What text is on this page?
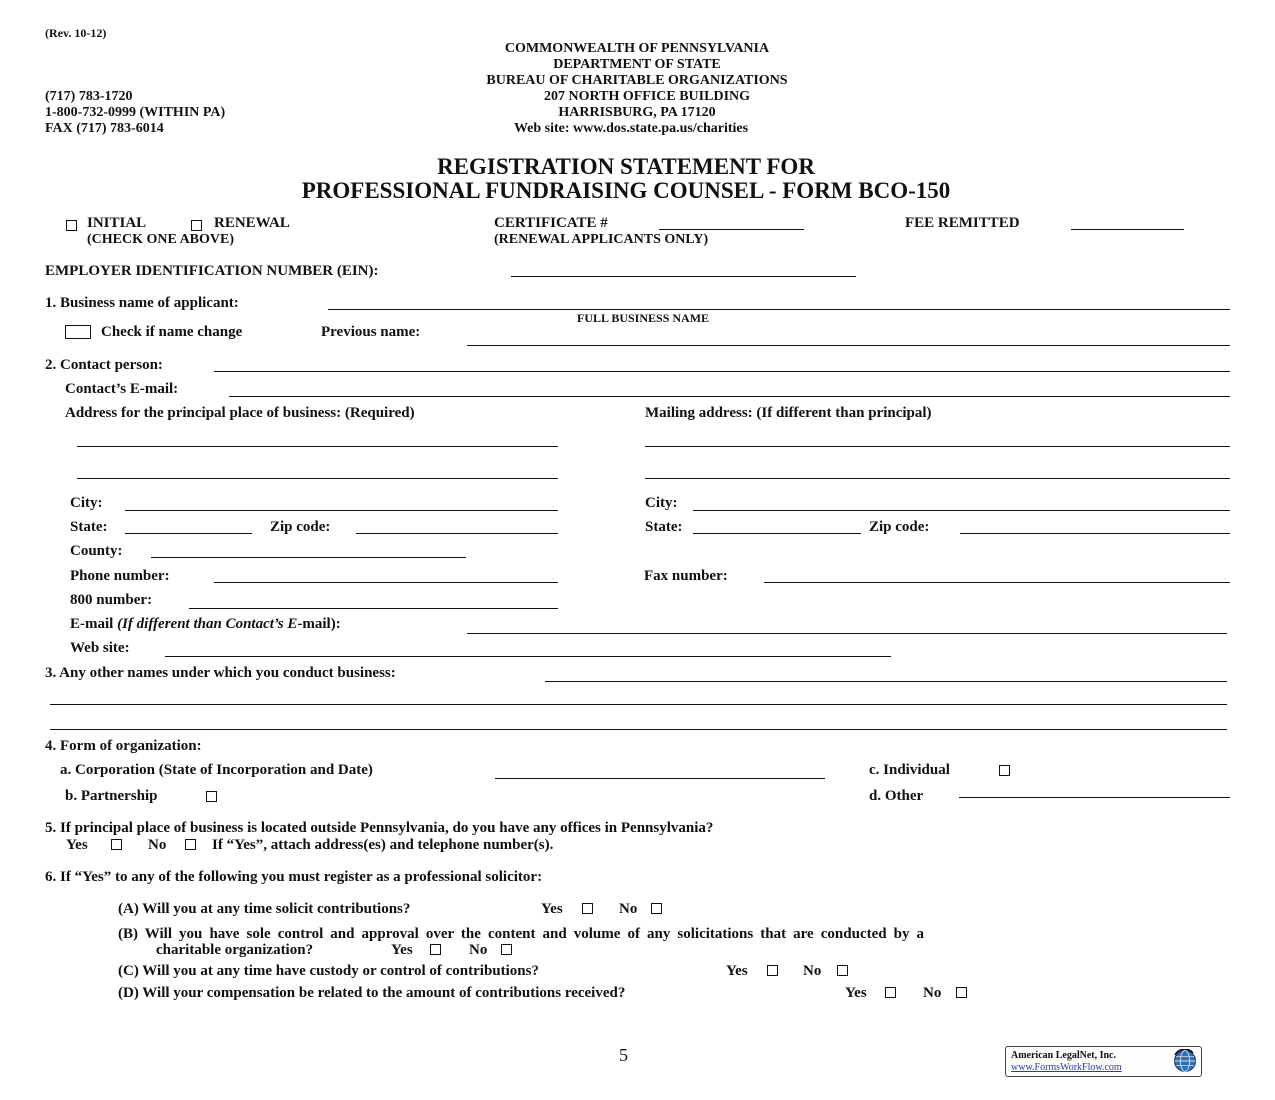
(Rev. 10-12)
COMMONWEALTH OF PENNSYLVANIA
DEPARTMENT OF STATE
BUREAU OF CHARITABLE ORGANIZATIONS
207 NORTH OFFICE BUILDING
HARRISBURG, PA 17120
Web site: www.dos.state.pa.us/charities
(717) 783-1720
1-800-732-0999 (WITHIN PA)
FAX (717) 783-6014
REGISTRATION STATEMENT FOR
PROFESSIONAL FUNDRAISING COUNSEL - FORM BCO-150
INITIAL	RENEWAL
(CHECK ONE ABOVE)
CERTIFICATE #
(RENEWAL APPLICANTS ONLY)
FEE REMITTED
EMPLOYER IDENTIFICATION NUMBER (EIN):
1. Business name of applicant:
FULL BUSINESS NAME
Check if name change	Previous name:
2. Contact person:
Contact’s E-mail:
Address for the principal place of business: (Required)	Mailing address: (If different than principal)
City:	City:
State:	Zip code:	State:	Zip code:
County:
Phone number:	Fax number:
800 number:
E-mail (If different than Contact’s E-mail):
Web site:
3. Any other names under which you conduct business:
4. Form of organization:
a. Corporation (State of Incorporation and Date)	c. Individual
b. Partnership	d. Other
5. If principal place of business is located outside Pennsylvania, do you have any offices in Pennsylvania?
Yes	No	If “Yes”, attach address(es) and telephone number(s).
6. If “Yes” to any of the following you must register as a professional solicitor:
(A) Will you at any time solicit contributions?	Yes	No
(B) Will you have sole control and approval over the content and volume of any solicitations that are conducted by a
charitable organization?	Yes	No
(C) Will you at any time have custody or control of contributions?	Yes	No
(D) Will your compensation be related to the amount of contributions received?	Yes	No
5	American LegalNet, Inc.
www.FormsWorkFlow.com
